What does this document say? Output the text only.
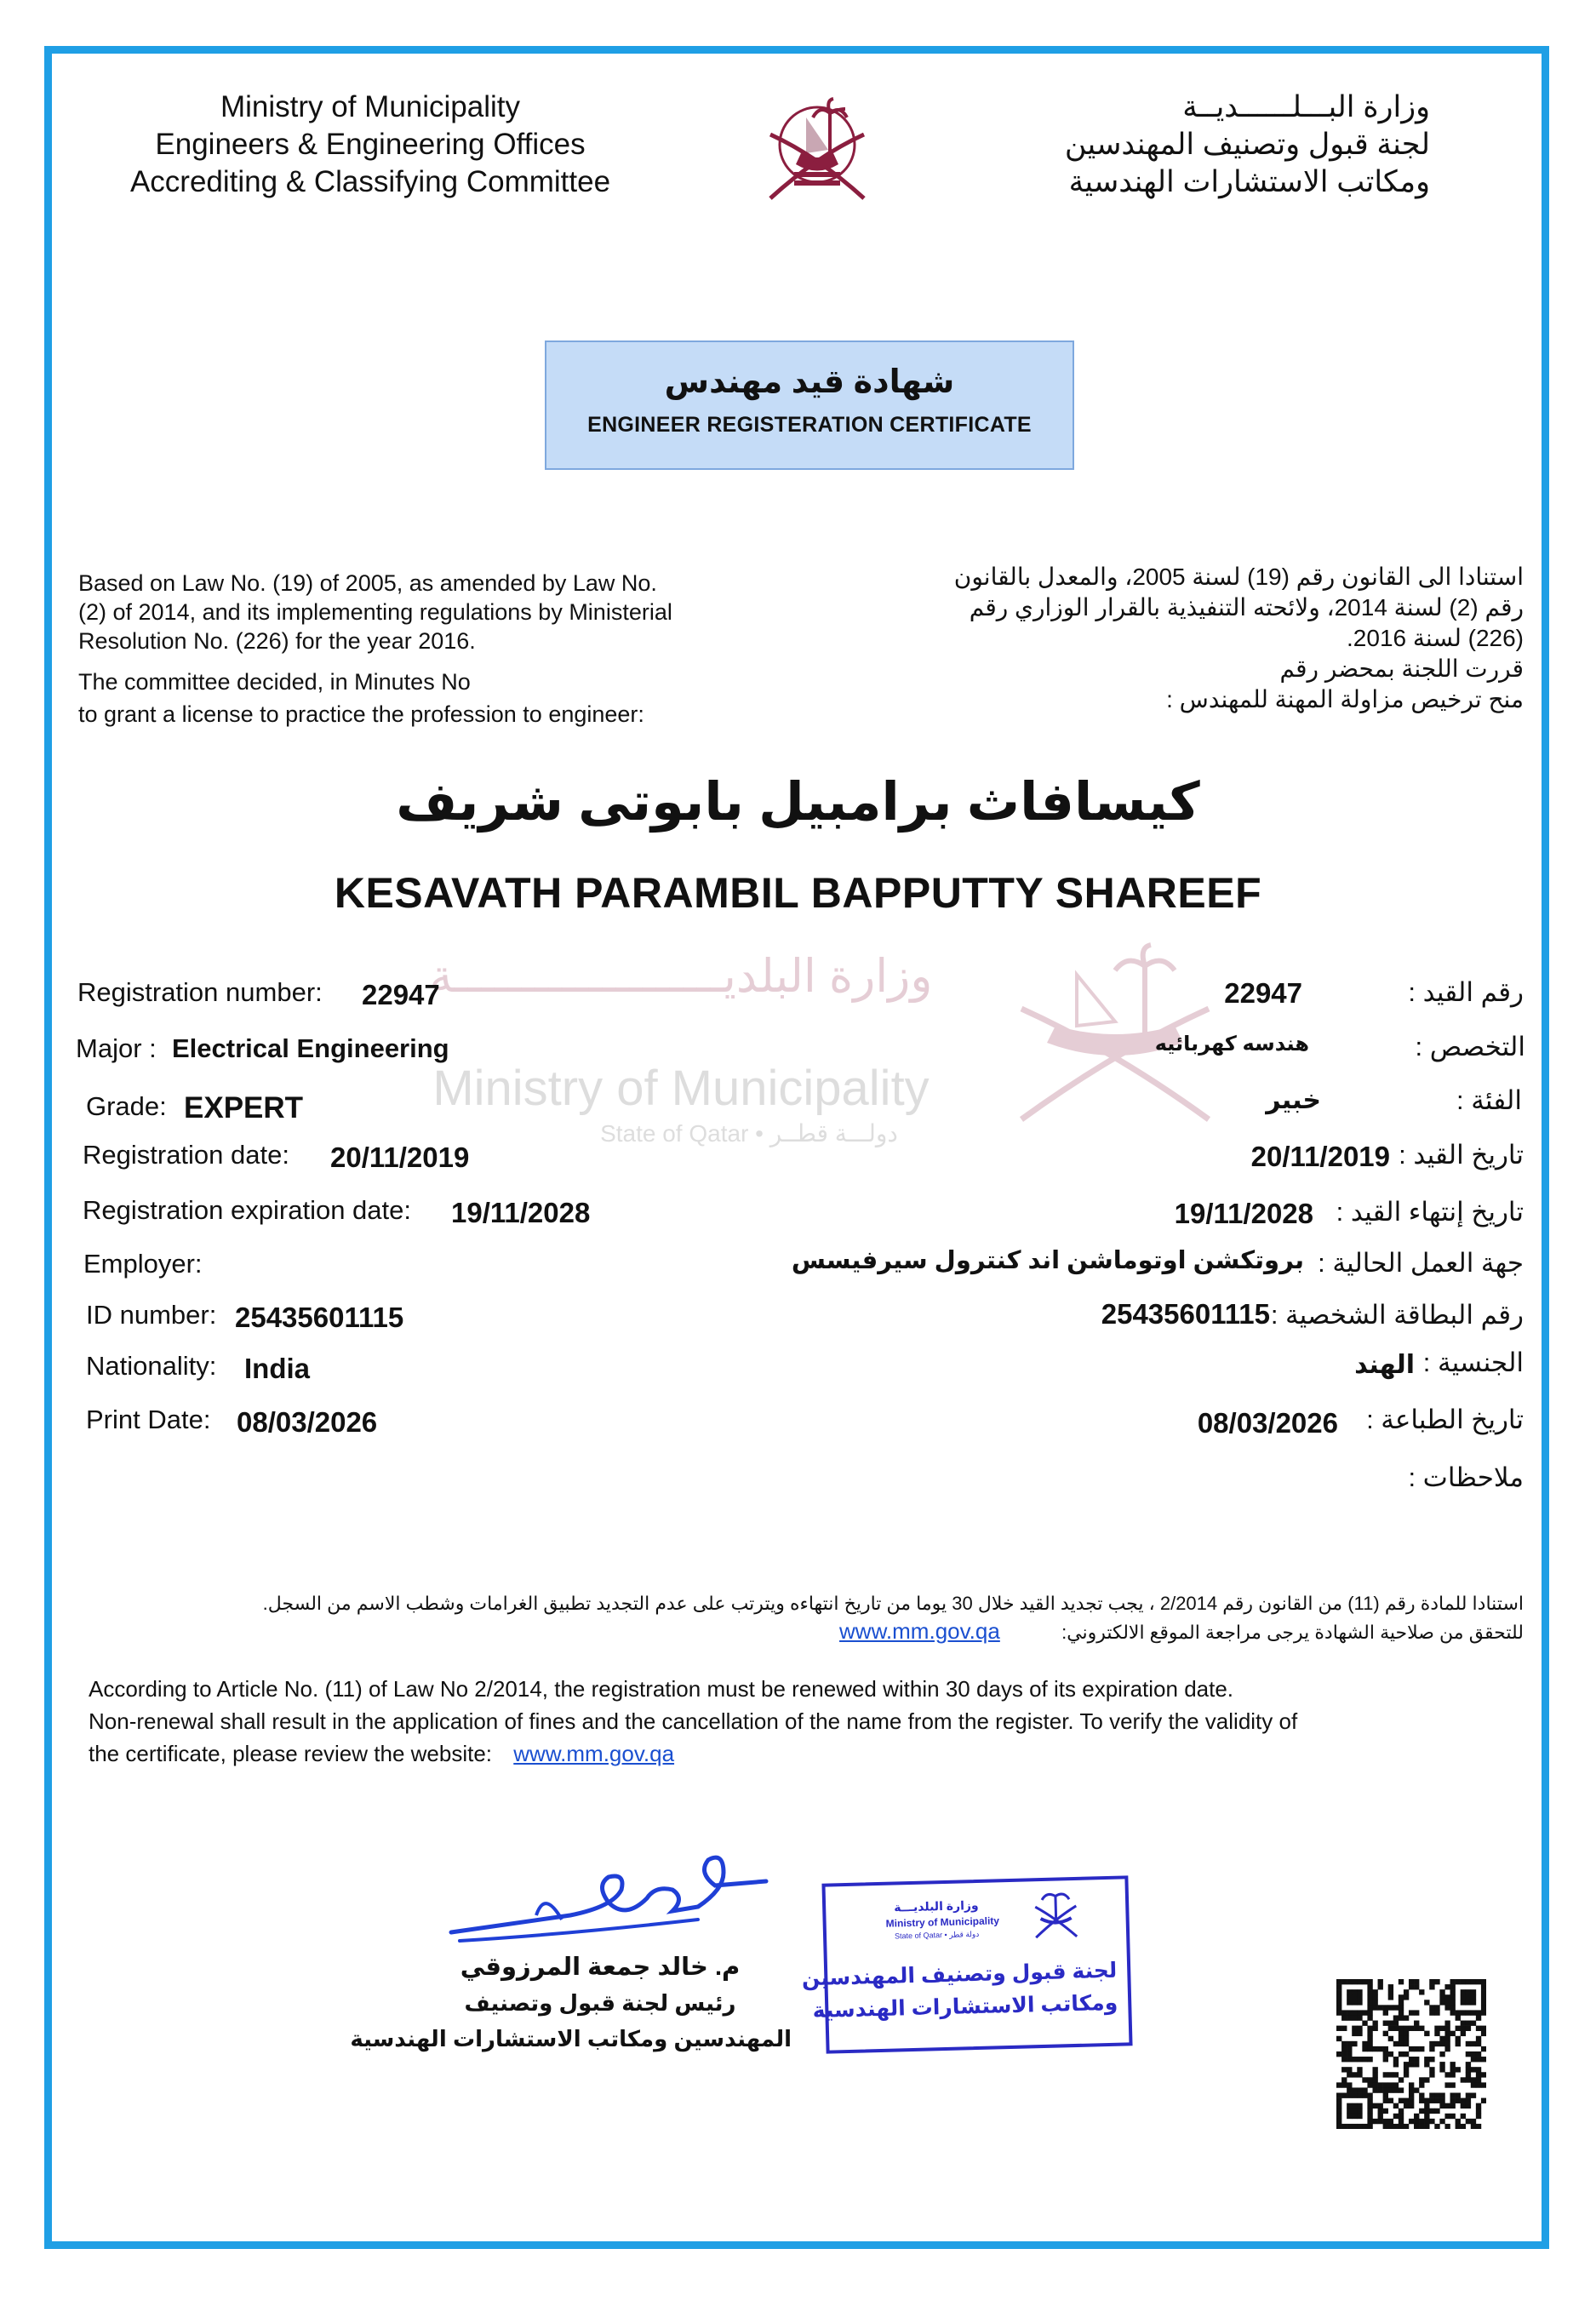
Ministry of Municipality
Engineers & Engineering Offices
Accrediting & Classifying Committee
وزارة البـــلــــــديــة
لجنة قبول وتصنيف المهندسين
ومكاتب الاستشارات الهندسية
شهادة قيد مهندس
ENGINEER REGISTERATION CERTIFICATE
Based on Law No. (19) of 2005, as amended by Law No.
(2) of 2014, and its implementing regulations by Ministerial
Resolution No. (226) for the year 2016.
The committee decided, in Minutes No
to grant a license to practice the profession to engineer:
استنادا الى القانون رقم (19) لسنة 2005، والمعدل بالقانون
رقم (2) لسنة 2014، ولائحته التنفيذية بالقرار الوزاري رقم
(226) لسنة 2016.
قررت اللجنة بمحضر رقم
منح ترخيص مزاولة المهنة للمهندس :
كيسافاث برامبيل بابوتى شريف
KESAVATH PARAMBIL BAPPUTTY SHAREEF
وزارة البلديــــــــــــــــــــة
Ministry of Municipality
State of Qatar • دولـــة قطــر
Registration number: 22947
Major : Electrical Engineering
Grade: EXPERT
Registration date: 20/11/2019
Registration expiration date: 19/11/2028
Employer:
ID number: 25435601115
Nationality: India
Print Date: 08/03/2026
رقم القيد :
22947
التخصص :
هندسه كهربائيه
الفئة :
خبير
تاريخ القيد :
20/11/2019
تاريخ إنتهاء القيد :
19/11/2028
جهة العمل الحالية :
بروتكشن اوتوماشن اند كنترول سيرفيسس
رقم البطاقة الشخصية :
25435601115
الجنسية :
الهند
تاريخ الطباعة :
08/03/2026
ملاحظات :
استنادا للمادة رقم (11) من القانون رقم 2/2014 ، يجب تجديد القيد خلال 30 يوما من تاريخ انتهاءه ويترتب على عدم التجديد تطبيق الغرامات وشطب الاسم من السجل.
للتحقق من صلاحية الشهادة يرجى مراجعة الموقع الالكتروني:  www.mm.gov.qa
According to Article No. (11) of Law No 2/2014, the registration must be renewed within 30 days of its expiration date.
Non-renewal shall result in the application of fines and the cancellation of the name from the register. To verify the validity of
the certificate, please review the website: www.mm.gov.qa
م. خالد جمعة المرزوقي
رئيس لجنة قبول وتصنيف
المهندسين ومكاتب الاستشارات الهندسية
وزارة البلديـــة
Ministry of Municipality
State of Qatar • دولة قطر
لجنة قبول وتصنيف المهندسين
ومكاتب الاستشارات الهندسية
